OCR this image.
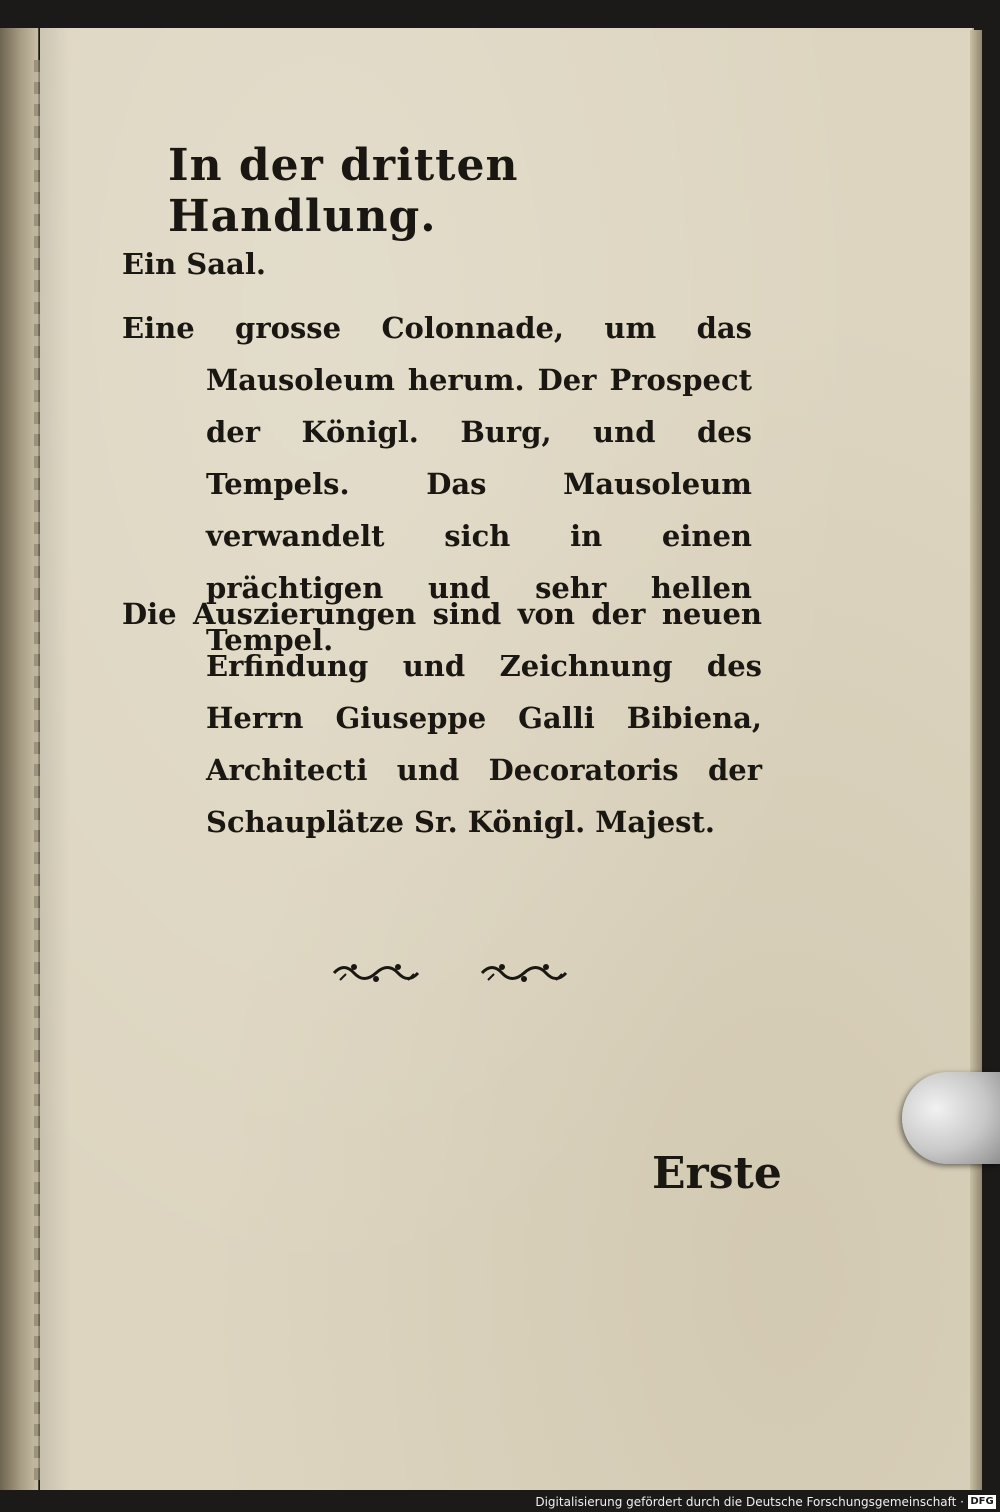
In der dritten Handlung.
Ein Saal.
Eine grosse Colonnade, um das Mausoleum herum. Der Prospect der Königl. Burg, und des Tempels. Das Mausoleum verwandelt sich in einen prächtigen und sehr hellen Tempel.
Die Auszierungen sind von der neuen Erfindung und Zeichnung des Herrn Giuseppe Galli Bibiena, Architecti und Decoratoris der Schauplätze Sr. Königl. Majest.
Erste
Digitalisierung gefördert durch die Deutsche Forschungsgemeinschaft · DFG
